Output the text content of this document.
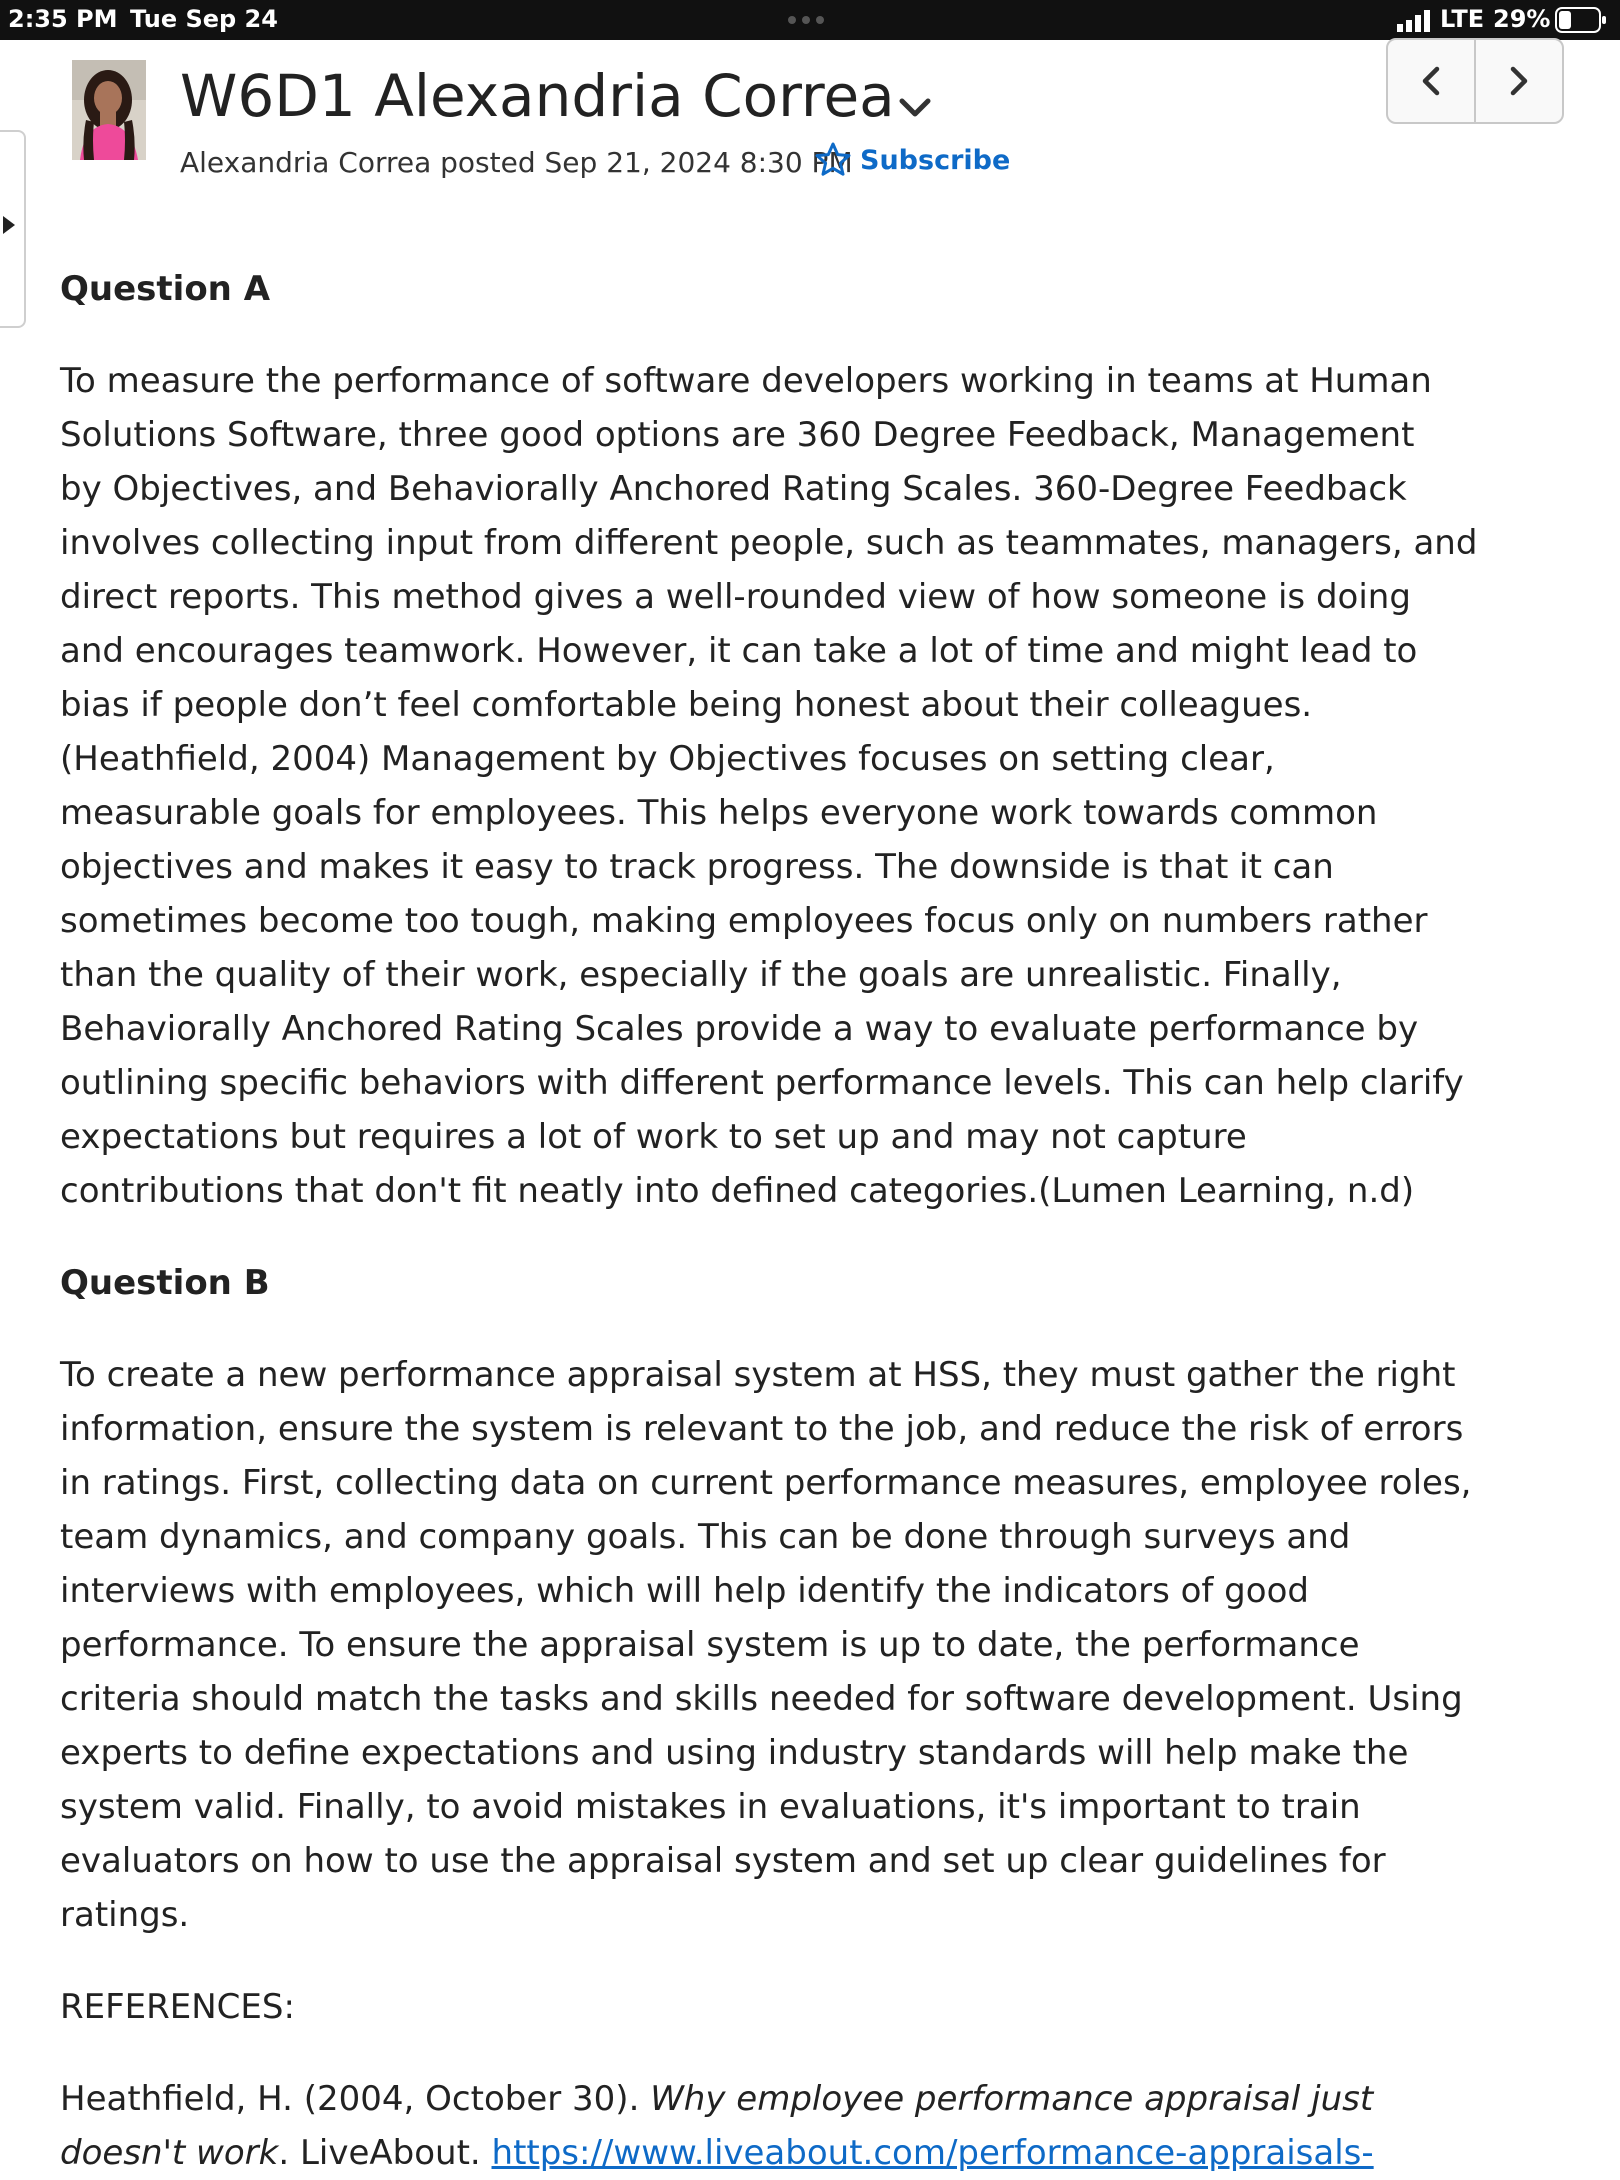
2:35 PM Tue Sep 24	LTE 29%
W6D1 Alexandria Correa
Alexandria Correa posted Sep 21, 2024 8:30 PM Subscribe

Question A

To measure the performance of software developers working in teams at Human
Solutions Software, three good options are 360 Degree Feedback, Management
by Objectives, and Behaviorally Anchored Rating Scales. 360-Degree Feedback
involves collecting input from different people, such as teammates, managers, and
direct reports. This method gives a well-rounded view of how someone is doing
and encourages teamwork. However, it can take a lot of time and might lead to
bias if people don’t feel comfortable being honest about their colleagues.
(Heathfield, 2004) Management by Objectives focuses on setting clear,
measurable goals for employees. This helps everyone work towards common
objectives and makes it easy to track progress. The downside is that it can
sometimes become too tough, making employees focus only on numbers rather
than the quality of their work, especially if the goals are unrealistic. Finally,
Behaviorally Anchored Rating Scales provide a way to evaluate performance by
outlining specific behaviors with different performance levels. This can help clarify
expectations but requires a lot of work to set up and may not capture
contributions that don't fit neatly into defined categories.(Lumen Learning, n.d)

Question B

To create a new performance appraisal system at HSS, they must gather the right
information, ensure the system is relevant to the job, and reduce the risk of errors
in ratings. First, collecting data on current performance measures, employee roles,
team dynamics, and company goals. This can be done through surveys and
interviews with employees, which will help identify the indicators of good
performance. To ensure the appraisal system is up to date, the performance
criteria should match the tasks and skills needed for software development. Using
experts to define expectations and using industry standards will help make the
system valid. Finally, to avoid mistakes in evaluations, it's important to train
evaluators on how to use the appraisal system and set up clear guidelines for
ratings.

REFERENCES:

Heathfield, H. (2004, October 30). Why employee performance appraisal just

doesn't work. LiveAbout. https://www.liveabout.com/performance-appraisals-
